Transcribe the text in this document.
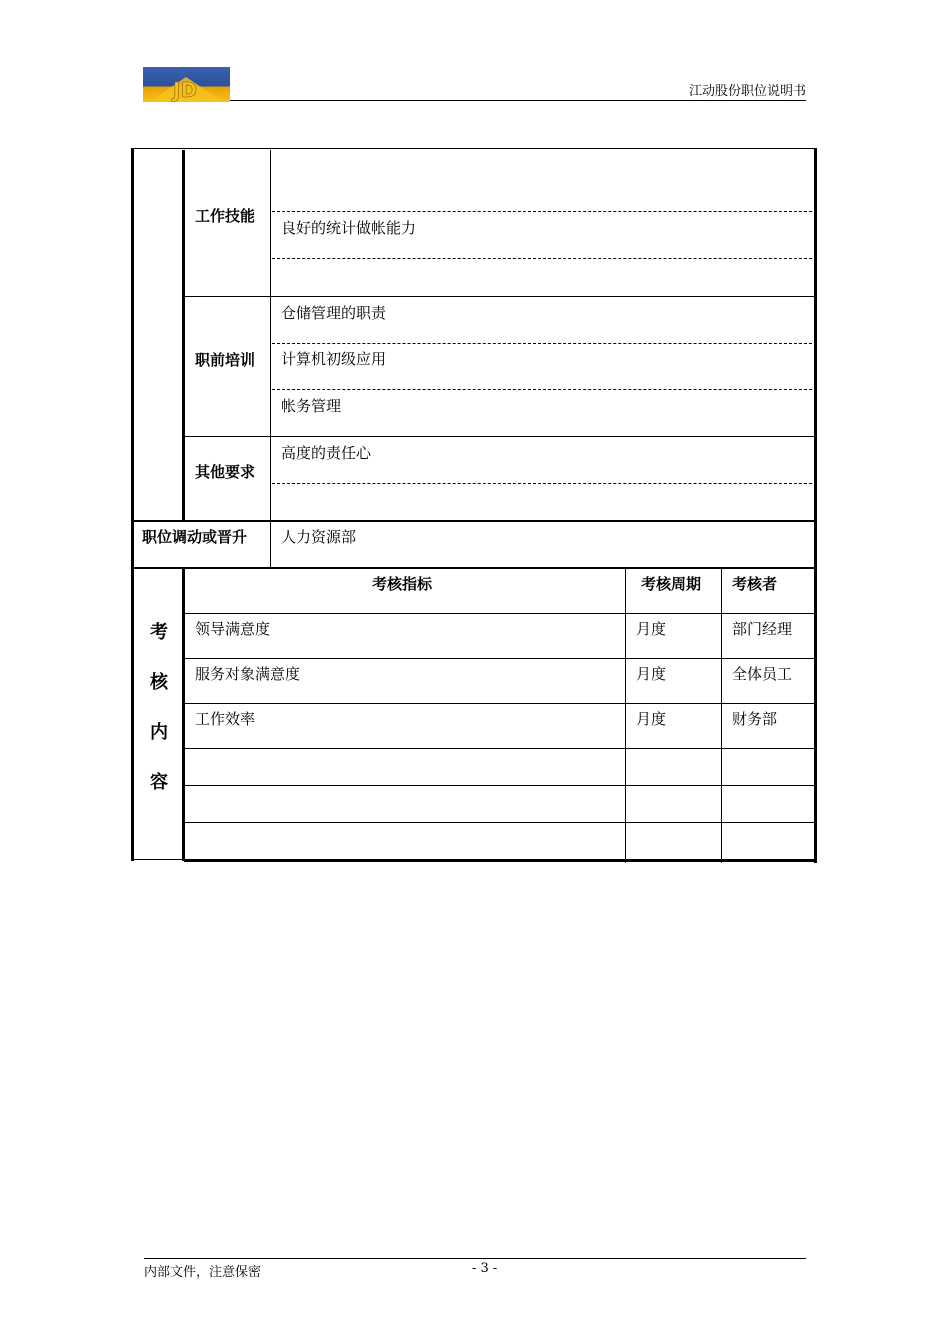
JD	江动股份职位说明书
工作技能
良好的统计做帐能力
职前培训
仓储管理的职责
计算机初级应用
帐务管理
其他要求
高度的责任心
职位调动或晋升 人力资源部
考
核
内
容
考核指标	考核周期 考核者
领导满意度	月度	部门经理
服务对象满意度	月度	全体员工
工作效率	月度	财务部
内部文件，注意保密	- 3 -
